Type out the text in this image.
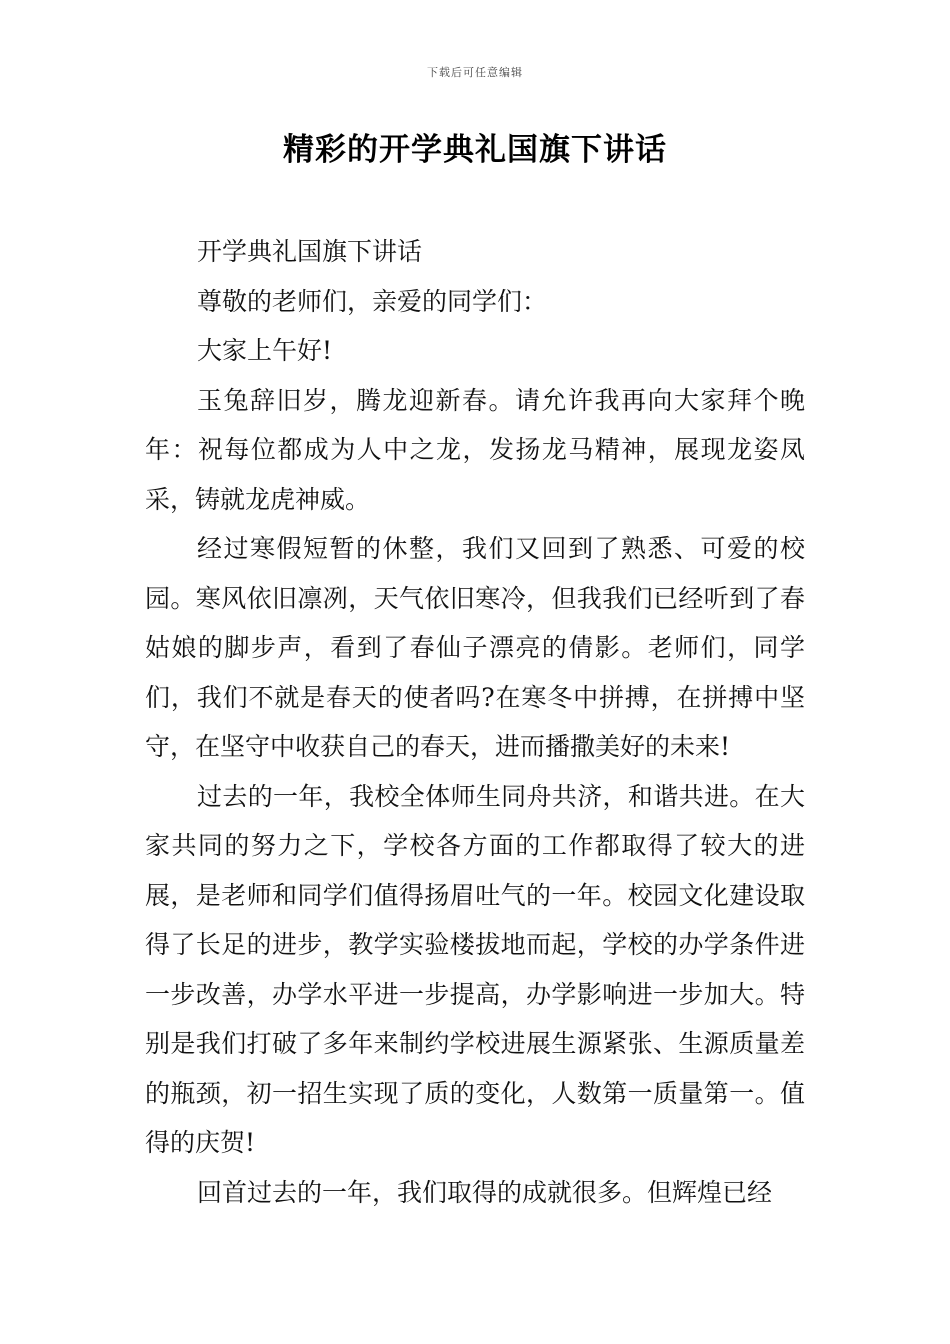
下载后可任意编辑
精彩的开学典礼国旗下讲话

开学典礼国旗下讲话

尊敬的老师们，亲爱的同学们：

大家上午好!

玉兔辞旧岁，腾龙迎新春。请允许我再向大家拜个晚年：祝每位都成为人中之龙，发扬龙马精神，展现龙姿凤采，铸就龙虎神威。

经过寒假短暂的休整，我们又回到了熟悉、可爱的校园。寒风依旧凛冽，天气依旧寒冷，但我我们已经听到了春姑娘的脚步声，看到了春仙子漂亮的倩影。老师们，同学们，我们不就是春天的使者吗?在寒冬中拼搏，在拼搏中坚守，在坚守中收获自己的春天，进而播撒美好的未来!

过去的一年，我校全体师生同舟共济，和谐共进。在大家共同的努力之下，学校各方面的工作都取得了较大的进展，是老师和同学们值得扬眉吐气的一年。校园文化建设取得了长足的进步，教学实验楼拔地而起，学校的办学条件进一步改善，办学水平进一步提高，办学影响进一步加大。特别是我们打破了多年来制约学校进展生源紧张、生源质量差的瓶颈，初一招生实现了质的变化，人数第一质量第一。值得的庆贺!

回首过去的一年，我们取得的成就很多。但辉煌已经
